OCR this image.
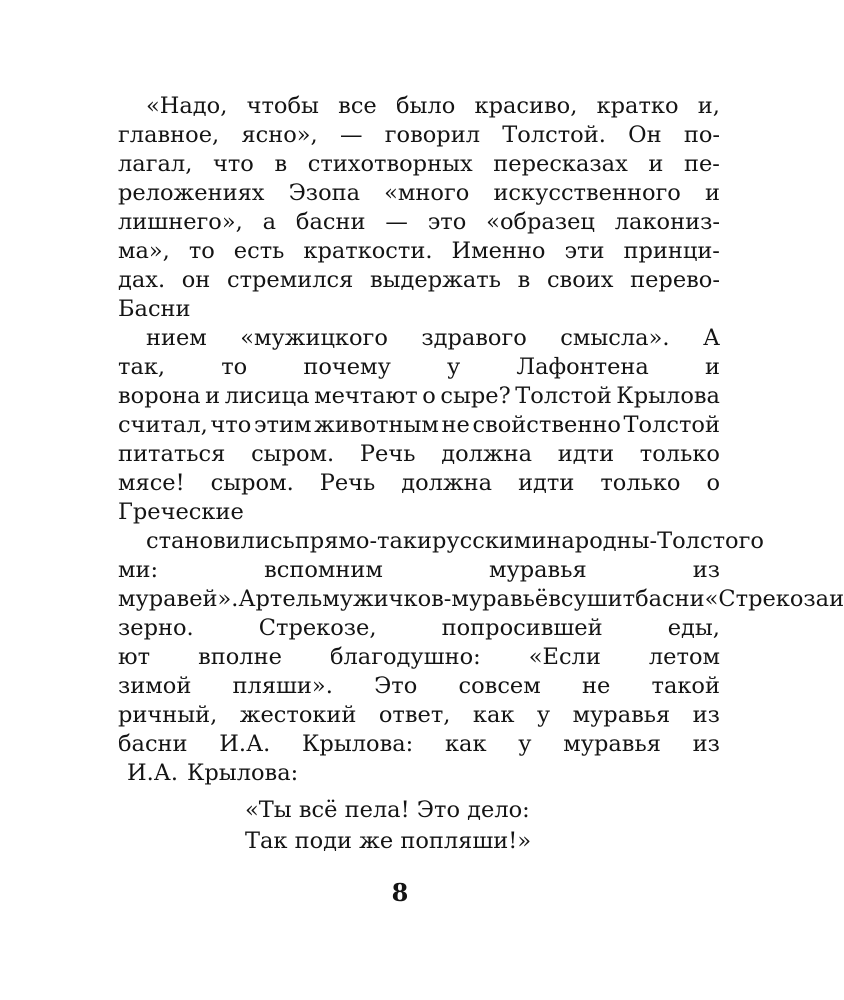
«Надо, чтобы все было красиво, кратко и,
главное, ясно», — говорил Толстой. Он по-
лагал, что в стихотворных пересказах и пе-
реложениях Эзопа «много искусственного и
лишнего», а басни — это «образец лакониз-
ма», то есть краткости. Именно эти принци-
дах. он стремился выдержать в своих перево-
Басни
нием «мужицкого здравого смысла». А
так, то почему у Лафонтена и
ворона и лисица мечтают о сыре? Толстой Крылова
считал, что этим животным не свойственно Толстой
питаться сыром. Речь должна идти только
мясе! сыром. Речь должна идти только о
Греческие
становились прямо-таки русскими народны- Толстого
ми:	вспомним	муравья	из
муравей». Артель мужичков-муравьёв сушит басни «Стрекоза и
зерно.	Стрекозе,	попросившей	еды,
ют вполне благодушно: «Если летом
зимой пляши». Это совсем не такой
ричный, жестокий ответ, как у муравья из
басни И.А. Крылова: как у муравья из
И.А. Крылова:
«Ты всё пела! Это дело:
Так поди же попляши!»
8
